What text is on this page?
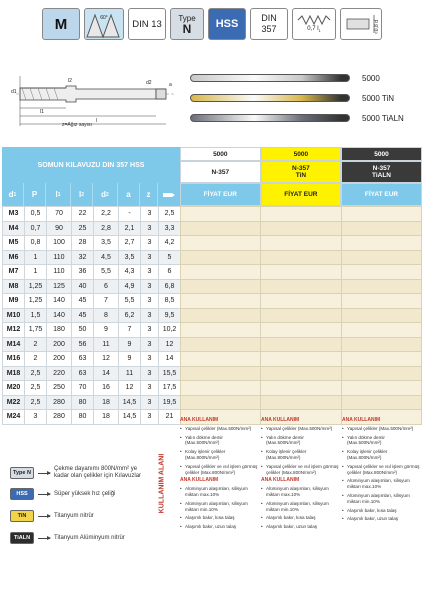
M	60°
DIN 13	Type
N	HSS	DIN
357	0,7 $l_1$	≈0,8 d
d1
l1
l2
l
a
d2
z=Ağız sayısı
5000
5000 TiN
5000 TiALN
SOMUN KILAVUZU DIN 357 HSS
5000
N-357
FİYAT EUR
5000
N-357
TiN
FİYAT EUR
5000
N-357
TiALN
FİYAT EUR
d 1 P l 1 l 2 d 2 a z
M3	0,5	70	22	2,2	-	3	2,5
M4	0,7	90	25	2,8	2,1	3	3,3
M5	0,8	100	28	3,5	2,7	3	4,2
M6	1	110	32	4,5	3,5	3	5
M7	1	110	36	5,5	4,3	3	6
M8	1,25	125	40	6	4,9	3	6,8
M9	1,25	140	45	7	5,5	3	8,5
M10	1,5	140	45	8	6,2	3	9,5
M12	1,75	180	50	9	7	3	10,2
M14	2	200	56	11	9	3	12
M16	2	200	63	12	9	3	14
M18	2,5	220	63	14	11	3	15,5
M20	2,5	250	70	16	12	3	17,5
M22	2,5	280	80	18	14,5	3	19,5
M24	3	280	80	18	14,5	3	21

Type N
Çekme dayanımı 800N/mm² ye kadar olan çelikler için Kılavuzlar
HSS	Süper yüksek hız çeliği
TiN	Titanyum nitrür
TiALN	Titanyum Alüminyum nitrür
KULLANIM ALANI
ANA KULLANIM
• Yapısal çelikler (Max.500N/mm²)
• Yalın dökme demir (Max.500N/mm²)
• Kolay işlenir çelikler (Max.800N/mm²)
• Yapısal çelikler ve ısıl işlem görmüş çelikler (Max.800N/mm²)
ANA KULLANIM
• Alüminyum alaşımları, silisyum miktarı max.10%
• Alüminyum alaşımları, silisyum miktarı min.10%
• Alaşımlı bakır, kısa talaş
• Alaşımlı bakır, uzun talaş
ANA KULLANIM
• Yapısal çelikler (Max.500N/mm²)
• Yalın dökme demir (Max.500N/mm²)
• Kolay işlenir çelikler (Max.800N/mm²)
• Yapısal çelikler ve ısıl işlem görmüş çelikler (Max.800N/mm²)
ANA KULLANIM
• Alüminyum alaşımları, silisyum miktarı max.10%
• Alüminyum alaşımları, silisyum miktarı min.10%
• Alaşımlı bakır, kısa talaş
• Alaşımlı bakır, uzun talaş
ANA KULLANIM
• Yapısal çelikler (Max.500N/mm²)
• Yalın dökme demir (Max.500N/mm²)
• Kolay işlenir çelikler (Max.800N/mm²)
• Yapısal çelikler ve ısıl işlem görmüş çelikler (Max.800N/mm²)
• Alüminyum alaşımları, silisyum miktarı max.10%
• Alüminyum alaşımları, silisyum miktarı min.10%
• Alaşımlı bakır, kısa talaş
• Alaşımlı bakır, uzun talaş
